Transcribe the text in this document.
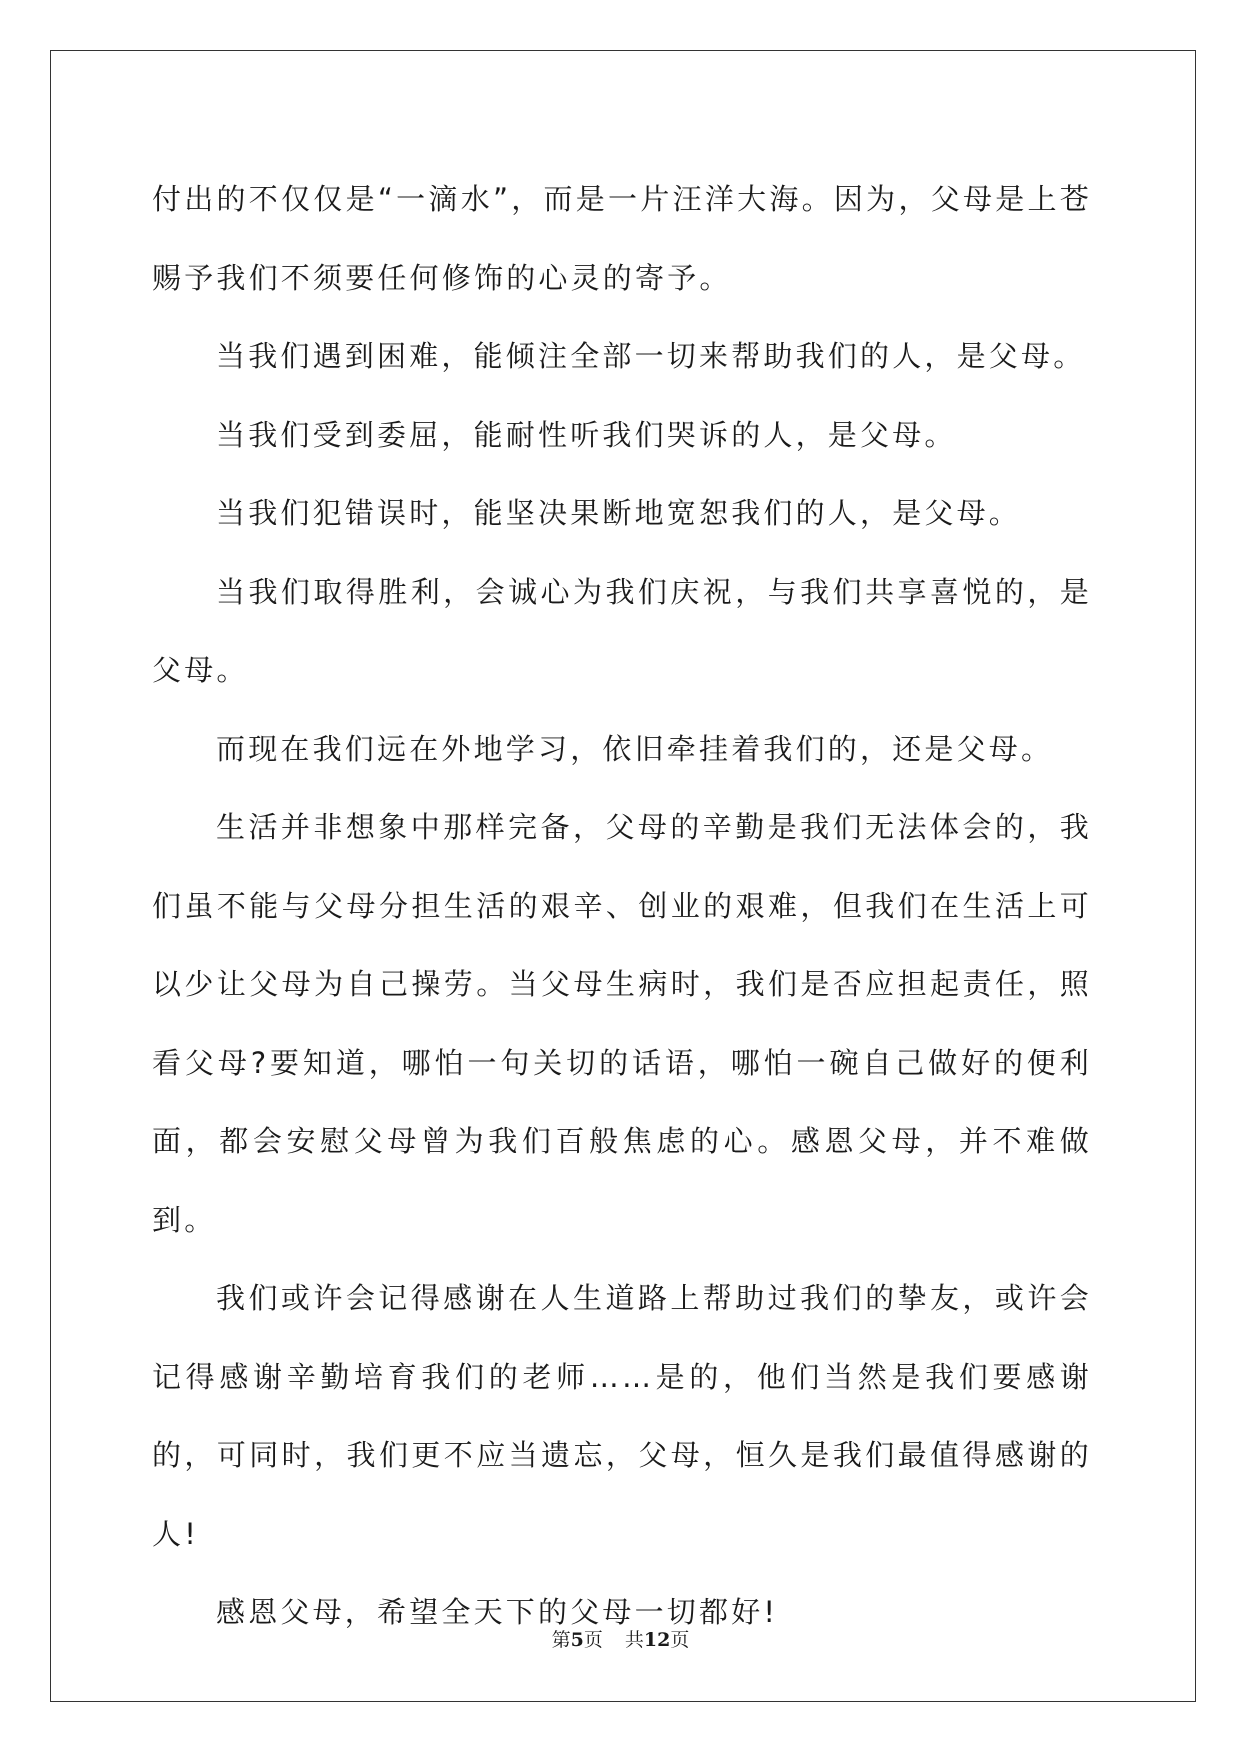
付出的不仅仅是“一滴水”，而是一片汪洋大海。因为，父母是上苍赐予我们不须要任何修饰的心灵的寄予。

当我们遇到困难，能倾注全部一切来帮助我们的人，是父母。

当我们受到委屈，能耐性听我们哭诉的人，是父母。

当我们犯错误时，能坚决果断地宽恕我们的人，是父母。

当我们取得胜利，会诚心为我们庆祝，与我们共享喜悦的，是父母。

而现在我们远在外地学习，依旧牵挂着我们的，还是父母。

生活并非想象中那样完备，父母的辛勤是我们无法体会的，我们虽不能与父母分担生活的艰辛、创业的艰难，但我们在生活上可以少让父母为自己操劳。当父母生病时，我们是否应担起责任，照看父母?要知道，哪怕一句关切的话语，哪怕一碗自己做好的便利面，都会安慰父母曾为我们百般焦虑的心。感恩父母，并不难做到。

我们或许会记得感谢在人生道路上帮助过我们的挚友，或许会记得感谢辛勤培育我们的老师……是的，他们当然是我们要感谢的，可同时，我们更不应当遗忘，父母，恒久是我们最值得感谢的人!

感恩父母，希望全天下的父母一切都好!

第5页 共12页
